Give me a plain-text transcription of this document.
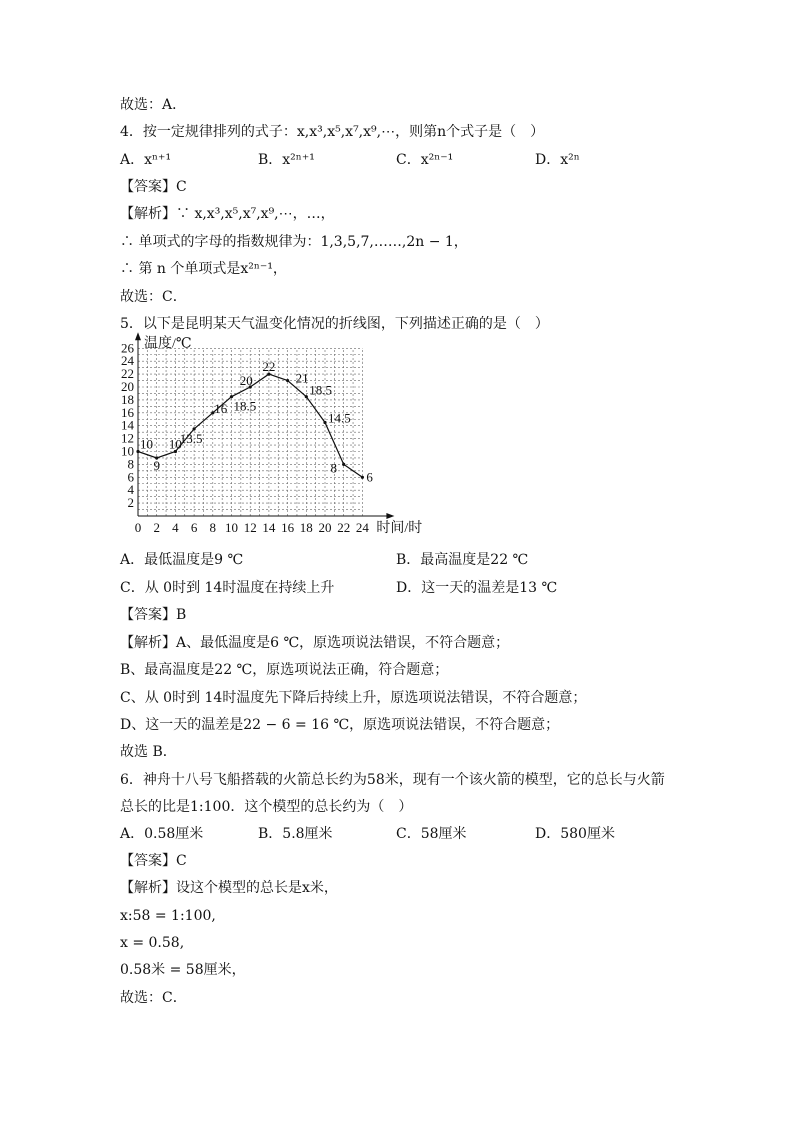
故选：A．
4．按一定规律排列的式子：x,x³,x⁵,x⁷,x⁹,⋯，则第n个式子是（　）
A．xⁿ⁺¹	B．x²ⁿ⁺¹	C．x²ⁿ⁻¹	D．x²ⁿ
【答案】C
【解析】∵ x,x³,x⁵,x⁷,x⁹,⋯，…，
∴ 单项式的字母的指数规律为：1,3,5,7,……,2n − 1，
∴ 第 n 个单项式是x²ⁿ⁻¹，
故选：C．
5．以下是昆明某天气温变化情况的折线图，下列描述正确的是（　）
0 2 4 6 8 10 12 14 16 18 20 22 24
2
4
6
8
10
12
14
16
18
20
22
24
26
10
9
10
13.5
16 18.5
20
22
21
18.5
14.5
8
6
温度/℃
时间/时
A．最低温度是9 ℃	B．最高温度是22 ℃
C．从 0时到 14时温度在持续上升	D．这一天的温差是13 ℃
【答案】B
【解析】A、最低温度是6 ℃，原选项说法错误，不符合题意；
B、最高温度是22 ℃，原选项说法正确，符合题意；
C、从 0时到 14时温度先下降后持续上升，原选项说法错误，不符合题意；
D、这一天的温差是22 − 6 = 16 ℃，原选项说法错误，不符合题意；
故选 B．
6．神舟十八号飞船搭载的火箭总长约为58米，现有一个该火箭的模型，它的总长与火箭
总长的比是1:100．这个模型的总长约为（　）
A．0.58厘米	B．5.8厘米	C．58厘米	D．580厘米
【答案】C
【解析】设这个模型的总长是x米，
x:58 = 1:100,
x = 0.58,
0.58米 = 58厘米，
故选：C．
